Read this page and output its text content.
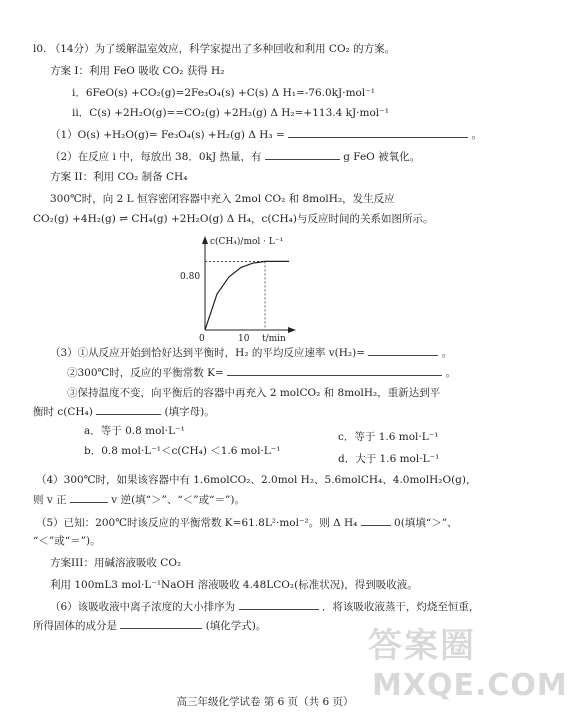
l0. （14分）为了缓解温室效应，科学家提出了多种回收和利用 CO₂ 的方案。
方案 I：利用 FeO 吸收 CO₂ 获得 H₂
i．6FeO(s) +CO₂(g)=2Fe₃O₄(s) +C(s) Δ H₁=-76.0kJ·mol⁻¹
ii．C(s) +2H₂O(g)==CO₂(g) +2H₂(g) Δ H₂=+113.4 kJ·mol⁻¹
（1）O(s) +H₂O(g)= Fe₃O₄(s) +H₂(g) Δ H₃ =	。
（2）在反应 i 中，每放出 38．0kJ 热量，有	g FeO 被氧化。
方案 II：利用 CO₂ 制备 CH₄
300℃时，向 2 L 恒容密闭容器中充入 2mol CO₂ 和 8molH₂，发生反应
CO₂(g) +4H₂(g) ⇌ CH₄(g) +2H₂O(g) Δ H₄，c(CH₄)与反应时间的关系如图所示。
c(CH₄)/mol · L⁻¹
t/min
0	10
0.80
（3）①从反应开始到恰好达到平衡时，H₂ 的平均反应速率 v(H₂)=	。
②300℃时，反应的平衡常数 K=	。
③保持温度不变，向平衡后的容器中再充入 2 molCO₂ 和 8molH₂，重新达到平
衡时 c(CH₄)	(填字母)。
a．等于 0.8 mol·L⁻¹	c．等于 1.6 mol·L⁻¹
b．0.8 mol·L⁻¹＜c(CH₄) ＜1.6 mol·L⁻¹
d．大于 1.6 mol·L⁻¹
（4）300℃时，如果该容器中有 1.6molCO₂、2.0mol H₂、5.6molCH₄、4.0molH₂O(g)，
则 v 正	v 逆(填“＞”、“＜”或“＝”)。
（5）已知：200℃时该反应的平衡常数 K=61.8L²·mol⁻²。则 Δ H₄	0(填填“＞”、
“＜”或“＝”)。
方案III：用碱溶液吸收 CO₂
利用 100mL3 mol·L⁻¹NaOH 溶液吸收 4.48LCO₂(标准状况)，得到吸收液。
（6）该吸收液中离子浓度的大小排序为	．将该吸收液蒸干，灼烧至恒重，
所得固体的成分是	(填化学式)。	答案圈
MXQE.COM
高三年级化学试卷 第 6 页（共 6 页）
